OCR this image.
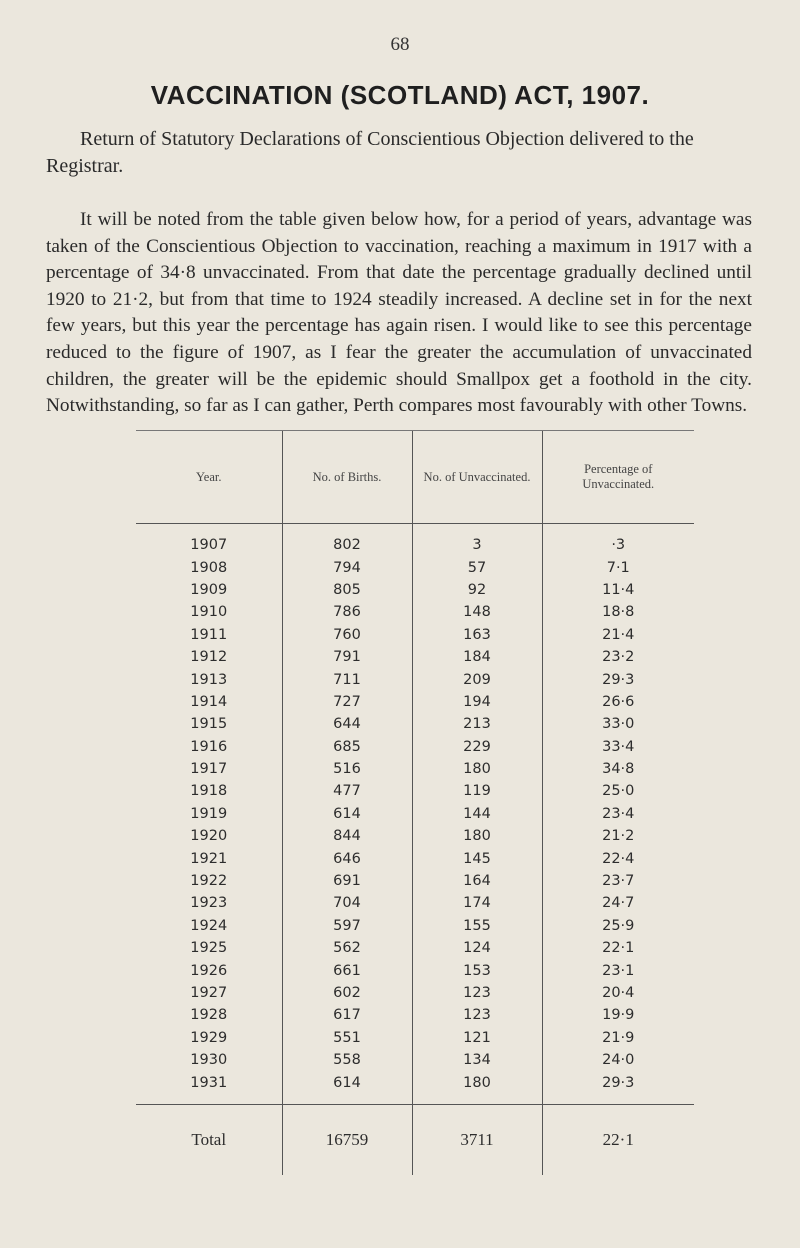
68
VACCINATION (SCOTLAND) ACT, 1907.
Return of Statutory Declarations of Conscientious Objection delivered to the Registrar.
It will be noted from the table given below how, for a period of years, advantage was taken of the Conscientious Objection to vaccination, reaching a maximum in 1917 with a percentage of 34·8 unvaccinated. From that date the percentage gradually declined until 1920 to 21·2, but from that time to 1924 steadily increased. A decline set in for the next few years, but this year the percentage has again risen. I would like to see this percentage reduced to the figure of 1907, as I fear the greater the accumulation of unvaccinated children, the greater will be the epidemic should Smallpox get a foothold in the city. Notwithstanding, so far as I can gather, Perth compares most favourably with other Towns.
Year.	No. of Births.	No. of Unvaccinated.	Percentage of Unvaccinated.
1907	802	3	·3
1908	794	57	7·1
1909	805	92	11·4
1910	786	148	18·8
1911	760	163	21·4
1912	791	184	23·2
1913	711	209	29·3
1914	727	194	26·6
1915	644	213	33·0
1916	685	229	33·4
1917	516	180	34·8
1918	477	119	25·0
1919	614	144	23·4
1920	844	180	21·2
1921	646	145	22·4
1922	691	164	23·7
1923	704	174	24·7
1924	597	155	25·9
1925	562	124	22·1
1926	661	153	23·1
1927	602	123	20·4
1928	617	123	19·9
1929	551	121	21·9
1930	558	134	24·0
1931	614	180	29·3
Total	16759	3711	22·1
